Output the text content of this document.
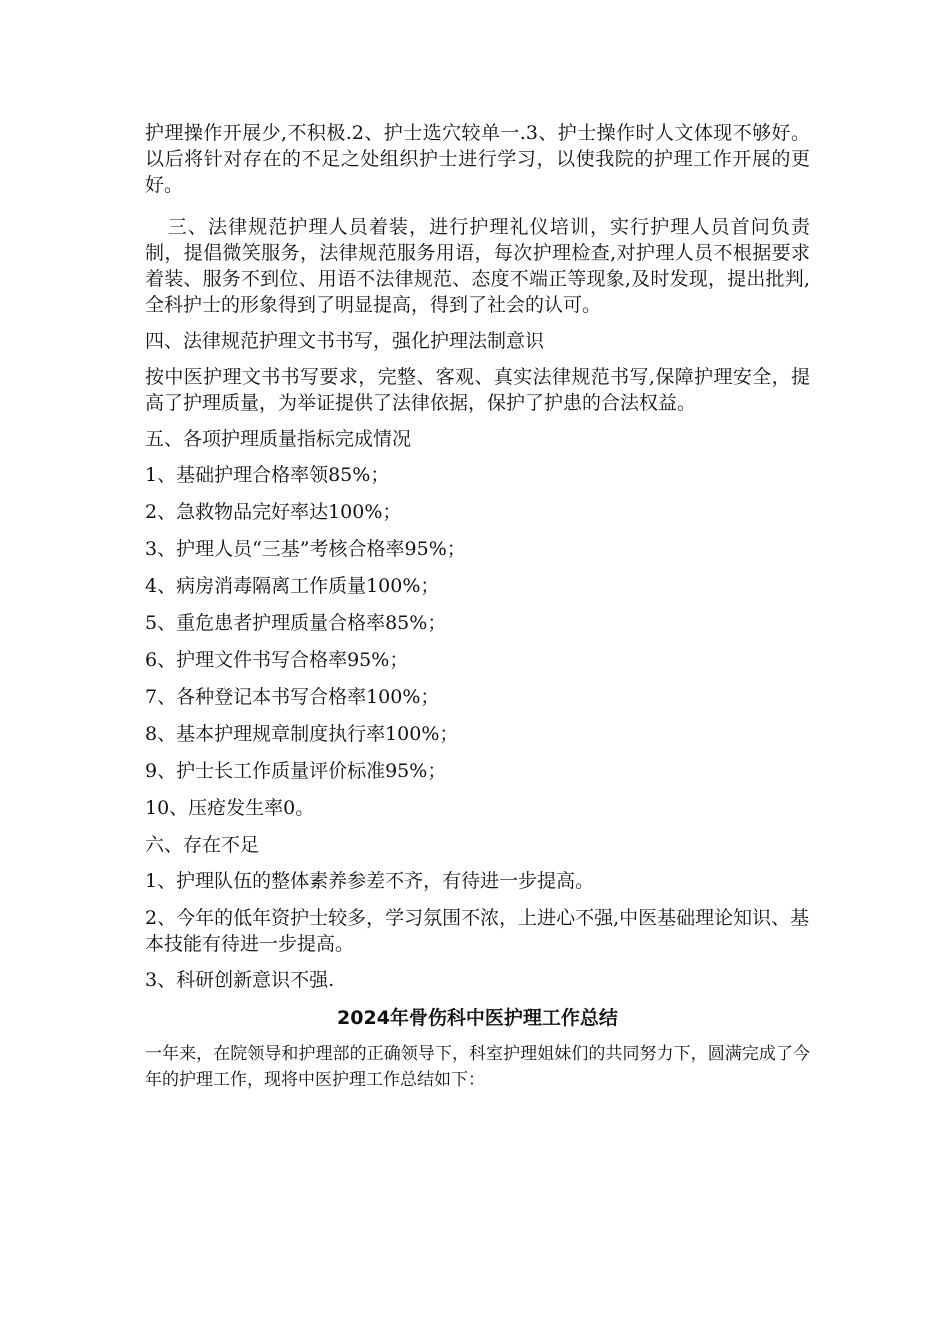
护理操作开展少,不积极.2、护士选穴较单一.3、护士操作时人文体现不够好。以后将针对存在的不足之处组织护士进行学习，以使我院的护理工作开展的更好。

三、法律规范护理人员着装，进行护理礼仪培训，实行护理人员首问负责制，提倡微笑服务，法律规范服务用语，每次护理检查,对护理人员不根据要求着装、服务不到位、用语不法律规范、态度不端正等现象,及时发现，提出批判,全科护士的形象得到了明显提高，得到了社会的认可。

四、法律规范护理文书书写，强化护理法制意识

按中医护理文书书写要求，完整、客观、真实法律规范书写,保障护理安全，提高了护理质量，为举证提供了法律依据，保护了护患的合法权益。

五、各项护理质量指标完成情况

1、基础护理合格率领85%；

2、急救物品完好率达100%；

3、护理人员“三基”考核合格率95%；

4、病房消毒隔离工作质量100%；

5、重危患者护理质量合格率85%；

6、护理文件书写合格率95%；

7、各种登记本书写合格率100%；

8、基本护理规章制度执行率100%；

9、护士长工作质量评价标准95%；

10、压疮发生率0。

六、存在不足

1、护理队伍的整体素养参差不齐，有待进一步提高。

2、今年的低年资护士较多，学习氛围不浓，上进心不强,中医基础理论知识、基本技能有待进一步提高。

3、科研创新意识不强.

2024年骨伤科中医护理工作总结

一年来，在院领导和护理部的正确领导下，科室护理姐妹们的共同努力下，圆满完成了今年的护理工作，现将中医护理工作总结如下：
